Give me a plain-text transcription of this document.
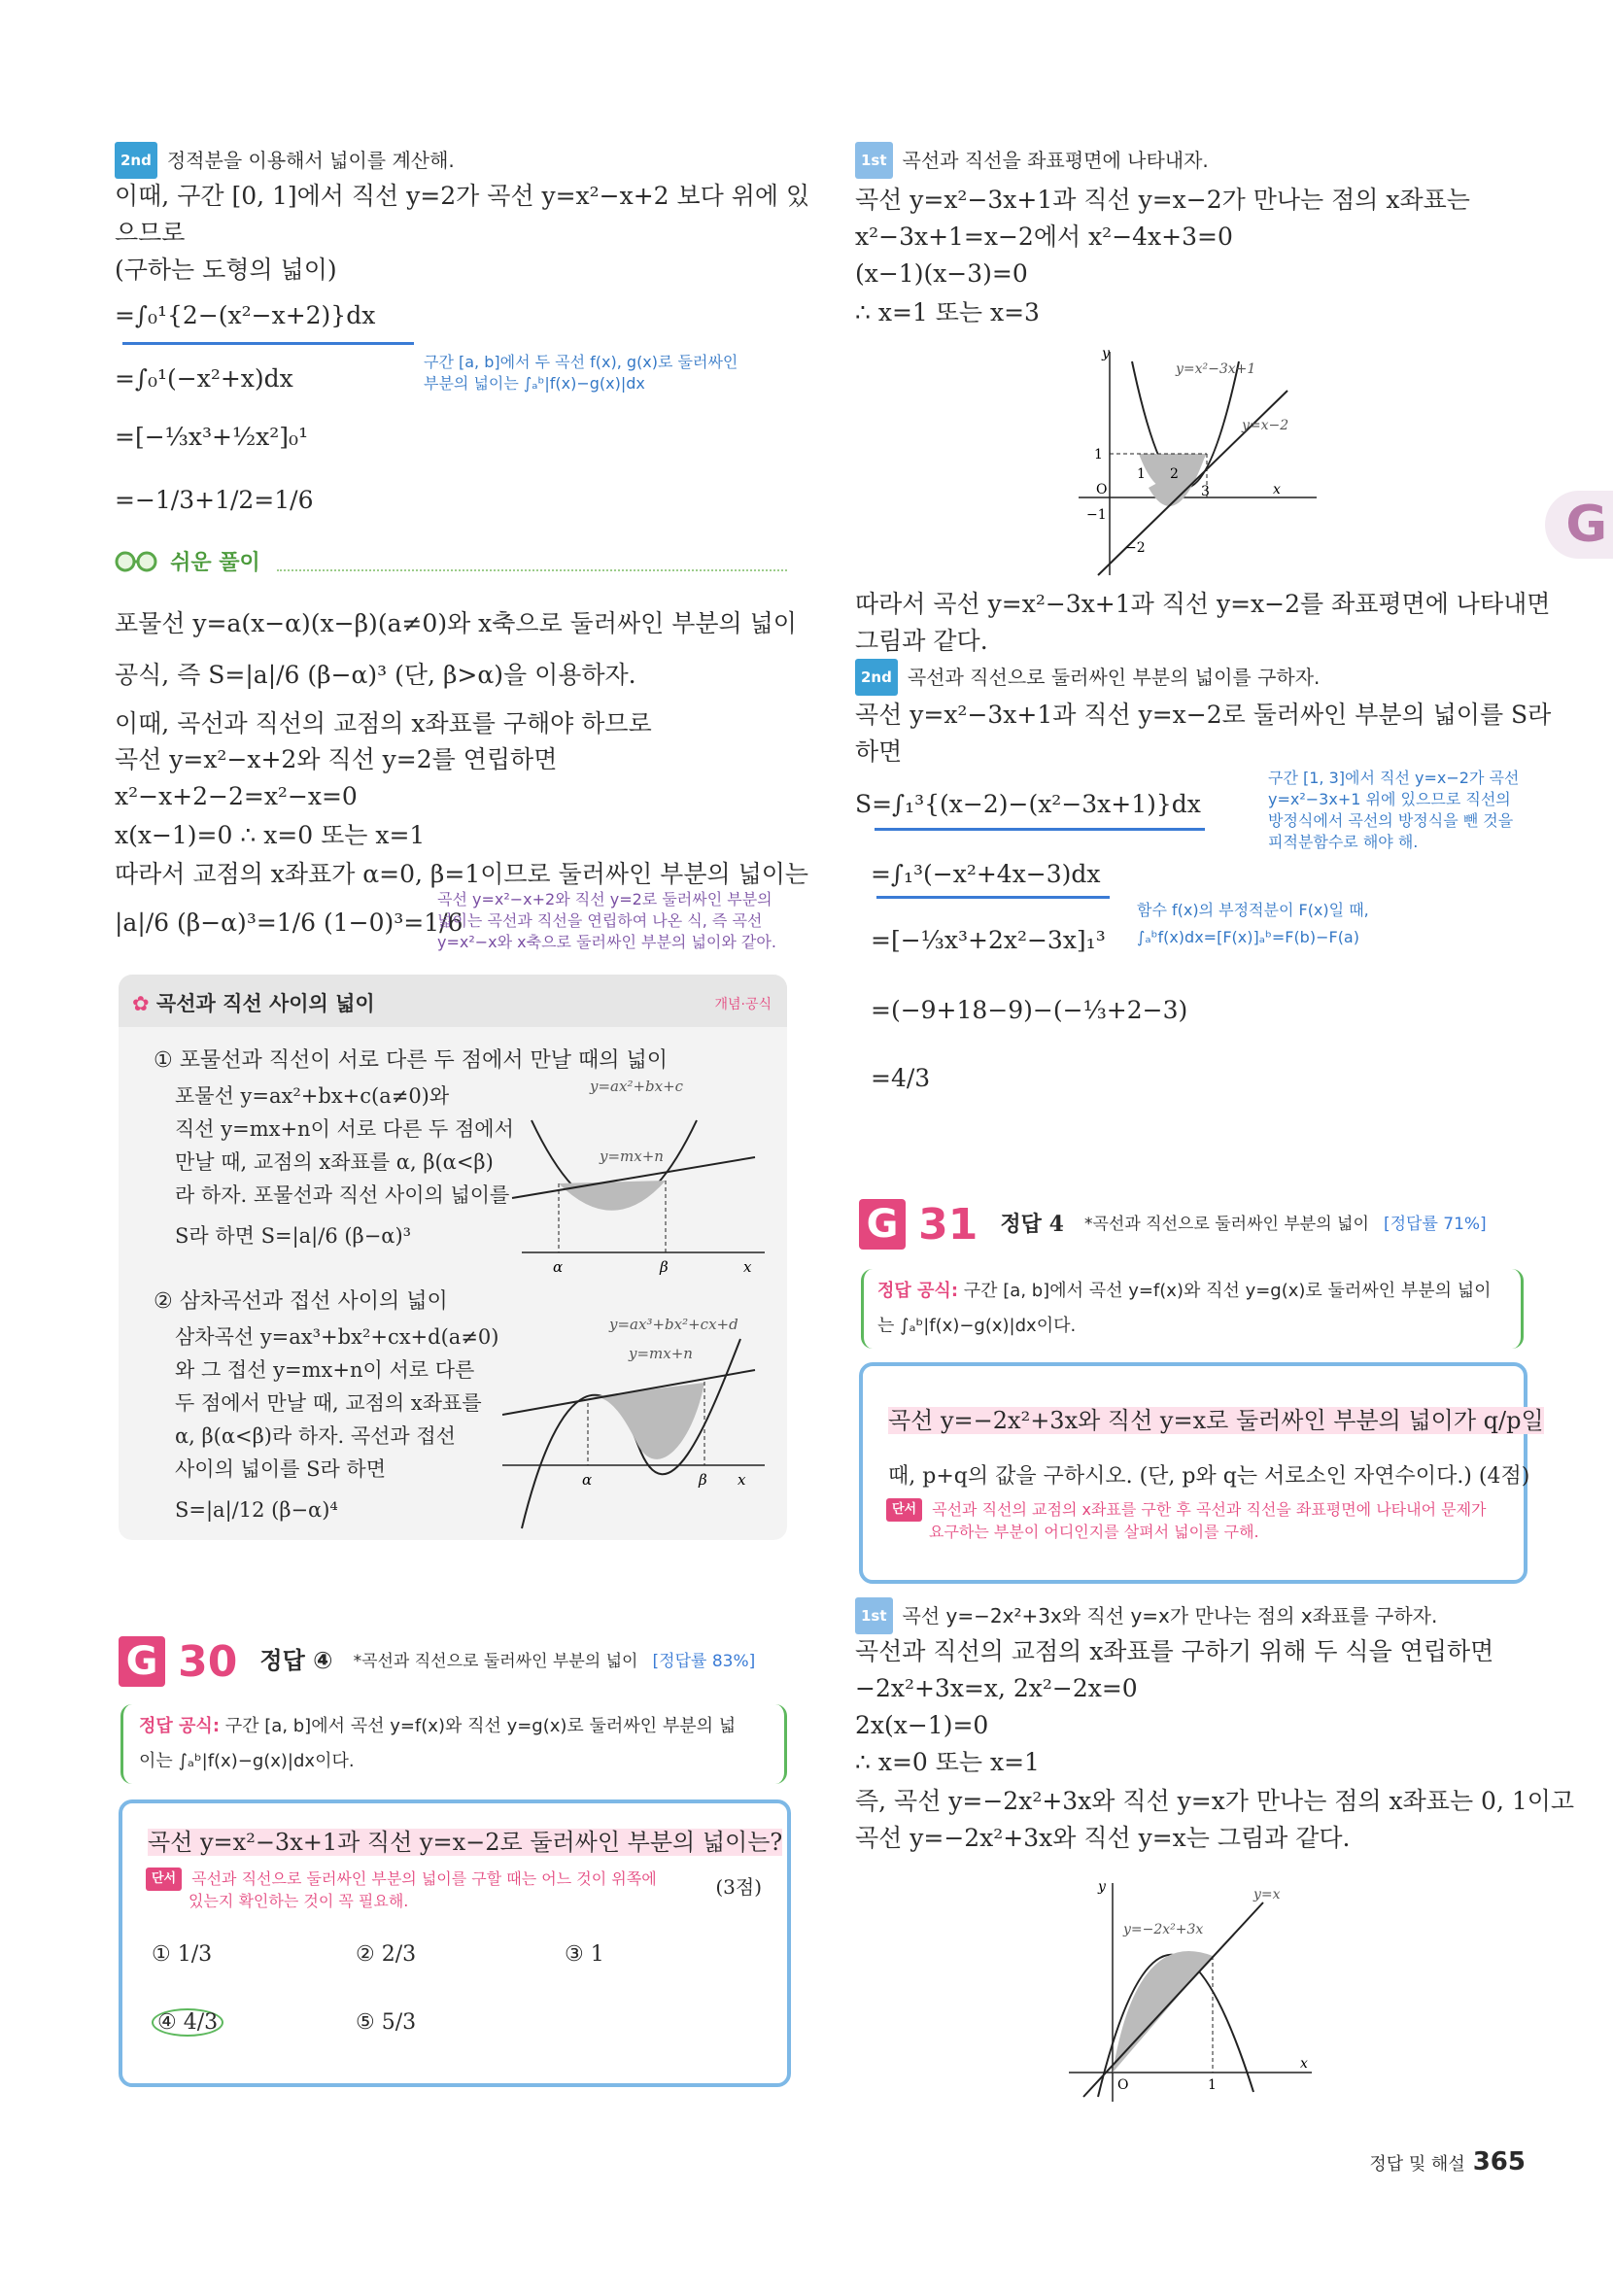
2nd 정적분을 이용해서 넓이를 계산해.
이때, 구간 [0, 1]에서 직선 y=2가 곡선 y=x²−x+2 보다 위에 있
으므로
(구하는 도형의 넓이)
=∫₀¹{2−(x²−x+2)}dx
구간 [a, b]에서 두 곡선 f(x), g(x)로 둘러싸인
부분의 넓이는 ∫ₐᵇ|f(x)−g(x)|dx
=∫₀¹(−x²+x)dx
=[−⅓x³+½x²]₀¹
=−1/3+1/2=1/6
쉬운 풀이
포물선 y=a(x−α)(x−β)(a≠0)와 x축으로 둘러싸인 부분의 넓이
공식, 즉 S=|a|/6 (β−α)³ (단, β>α)을 이용하자.
이때, 곡선과 직선의 교점의 x좌표를 구해야 하므로
곡선 y=x²−x+2와 직선 y=2를 연립하면
x²−x+2−2=x²−x=0
x(x−1)=0 ∴ x=0 또는 x=1
따라서 교점의 x좌표가 α=0, β=1이므로 둘러싸인 부분의 넓이는
|a|/6 (β−α)³=1/6 (1−0)³=1/6
곡선 y=x²−x+2와 직선 y=2로 둘러싸인 부분의
넓이는 곡선과 직선을 연립하여 나온 식, 즉 곡선
y=x²−x와 x축으로 둘러싸인 부분의 넓이와 같아.
✿ 곡선과 직선 사이의 넓이	개념·공식
① 포물선과 직선이 서로 다른 두 점에서 만날 때의 넓이
포물선 y=ax²+bx+c(a≠0)와
직선 y=mx+n이 서로 다른 두 점에서
만날 때, 교점의 x좌표를 α, β(α<β)
라 하자. 포물선과 직선 사이의 넓이를
S라 하면 S=|a|/6 (β−α)³
y=ax²+bx+c
y=mx+n
α	β	x
② 삼차곡선과 접선 사이의 넓이
삼차곡선 y=ax³+bx²+cx+d(a≠0)
와 그 접선 y=mx+n이 서로 다른
두 점에서 만날 때, 교점의 x좌표를
α, β(α<β)라 하자. 곡선과 접선
사이의 넓이를 S라 하면
S=|a|/12 (β−α)⁴
y=ax³+bx²+cx+d
y=mx+n
α	β x
G 30 정답 ④ *곡선과 직선으로 둘러싸인 부분의 넓이 [정답률 83%]
정답 공식: 구간 [a, b]에서 곡선 y=f(x)와 직선 y=g(x)로 둘러싸인 부분의 넓
이는 ∫ₐᵇ|f(x)−g(x)|dx이다.
곡선 y=x²−3x+1과 직선 y=x−2로 둘러싸인 부분의 넓이는?
단서 곡선과 직선으로 둘러싸인 부분의 넓이를 구할 때는 어느 것이 위쪽에
있는지 확인하는 것이 꼭 필요해.
(3점)
① 1/3	② 2/3	③ 1
④ 4/3	⑤ 5/3
1st 곡선과 직선을 좌표평면에 나타내자.
곡선 y=x²−3x+1과 직선 y=x−2가 만나는 점의 x좌표는
x²−3x+1=x−2에서 x²−4x+3=0
(x−1)(x−3)=0
∴ x=1 또는 x=3
y
x
O
y=x²−3x+1
y=x−2
1
1 2
3
−1
−2
따라서 곡선 y=x²−3x+1과 직선 y=x−2를 좌표평면에 나타내면
그림과 같다.
2nd 곡선과 직선으로 둘러싸인 부분의 넓이를 구하자.
곡선 y=x²−3x+1과 직선 y=x−2로 둘러싸인 부분의 넓이를 S라
하면
S=∫₁³{(x−2)−(x²−3x+1)}dx
구간 [1, 3]에서 직선 y=x−2가 곡선
y=x²−3x+1 위에 있으므로 직선의
방정식에서 곡선의 방정식을 뺀 것을
피적분함수로 해야 해.
=∫₁³(−x²+4x−3)dx
함수 f(x)의 부정적분이 F(x)일 때,
∫ₐᵇf(x)dx=[F(x)]ₐᵇ=F(b)−F(a)
=[−⅓x³+2x²−3x]₁³
=(−9+18−9)−(−⅓+2−3)
=4/3
G 31 정답 4 *곡선과 직선으로 둘러싸인 부분의 넓이 [정답률 71%]
정답 공식: 구간 [a, b]에서 곡선 y=f(x)와 직선 y=g(x)로 둘러싸인 부분의 넓이
는 ∫ₐᵇ|f(x)−g(x)|dx이다.
곡선 y=−2x²+3x와 직선 y=x로 둘러싸인 부분의 넓이가 q/p일
때, p+q의 값을 구하시오. (단, p와 q는 서로소인 자연수이다.) (4점)
단서 곡선과 직선의 교점의 x좌표를 구한 후 곡선과 직선을 좌표평면에 나타내어 문제가
요구하는 부분이 어디인지를 살펴서 넓이를 구해.
1st 곡선 y=−2x²+3x와 직선 y=x가 만나는 점의 x좌표를 구하자.
곡선과 직선의 교점의 x좌표를 구하기 위해 두 식을 연립하면
−2x²+3x=x, 2x²−2x=0
2x(x−1)=0
∴ x=0 또는 x=1
즉, 곡선 y=−2x²+3x와 직선 y=x가 만나는 점의 x좌표는 0, 1이고
곡선 y=−2x²+3x와 직선 y=x는 그림과 같다.
y
x
O
y=−2x²+3x
y=x
1
G
정답 및 해설 365
